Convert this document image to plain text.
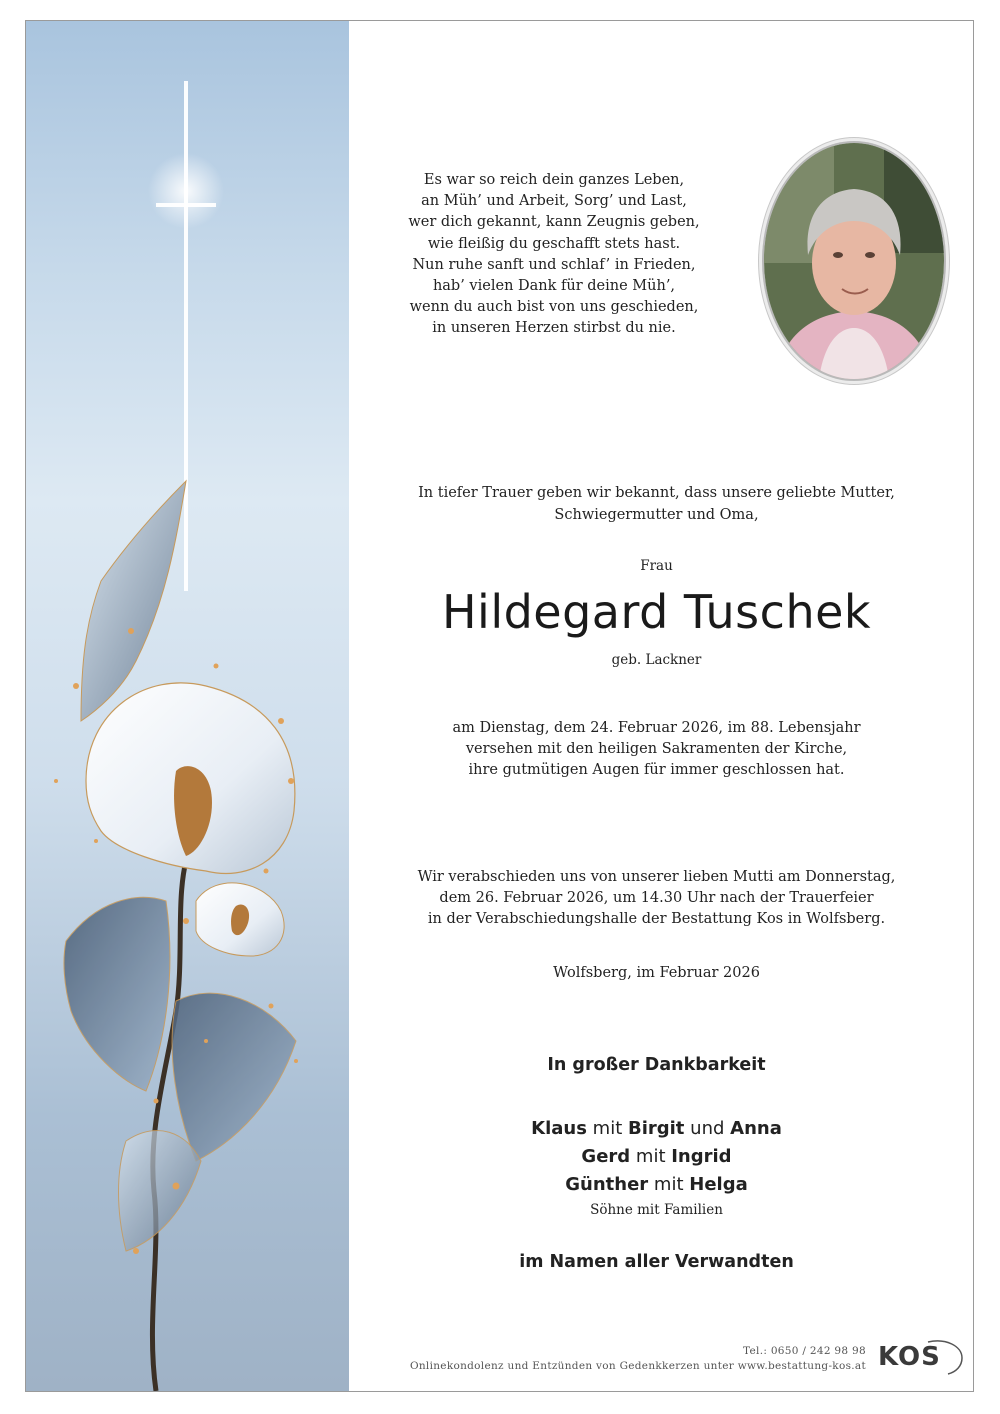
Es war so reich dein ganzes Leben,
an Müh’ und Arbeit, Sorg’ und Last,
wer dich gekannt, kann Zeugnis geben,
wie fleißig du geschafft stets hast.
Nun ruhe sanft und schlaf’ in Frieden,
hab’ vielen Dank für deine Müh’,
wenn du auch bist von uns geschieden,
in unseren Herzen stirbst du nie.
In tiefer Trauer geben wir bekannt, dass unsere geliebte Mutter,
Schwiegermutter und Oma,
Frau
Hildegard Tuschek
geb. Lackner
am Dienstag, dem 24. Februar 2026, im 88. Lebensjahr
versehen mit den heiligen Sakramenten der Kirche,
ihre gutmütigen Augen für immer geschlossen hat.
Wir verabschieden uns von unserer lieben Mutti am Donnerstag,
dem 26. Februar 2026, um 14.30 Uhr nach der Trauerfeier
in der Verabschiedungshalle der Bestattung Kos in Wolfsberg.
Wolfsberg, im Februar 2026
In großer Dankbarkeit
Klaus mit Birgit und Anna
Gerd mit Ingrid
Günther mit Helga
Söhne mit Familien
im Namen aller Verwandten
Tel.: 0650 / 242 98 98
Onlinekondolenz und Entzünden von Gedenkkerzen unter www.bestattung-kos.at KOS
